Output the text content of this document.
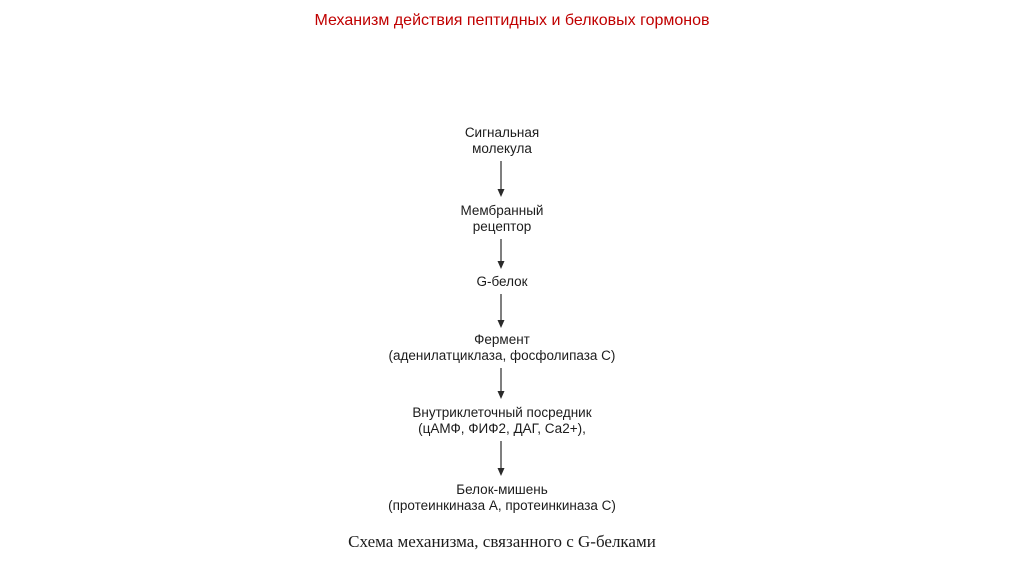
Механизм действия пептидных и белковых гормонов
Сигнальная
молекула
Мембранный
рецептор
G-белок
Фермент
(аденилатциклаза, фосфолипаза С)
Внутриклеточный посредник
(цАМФ, ФИФ2, ДАГ, Са2+),
Белок-мишень
(протеинкиназа А, протеинкиназа С)
Схема механизма, связанного с G-белками
